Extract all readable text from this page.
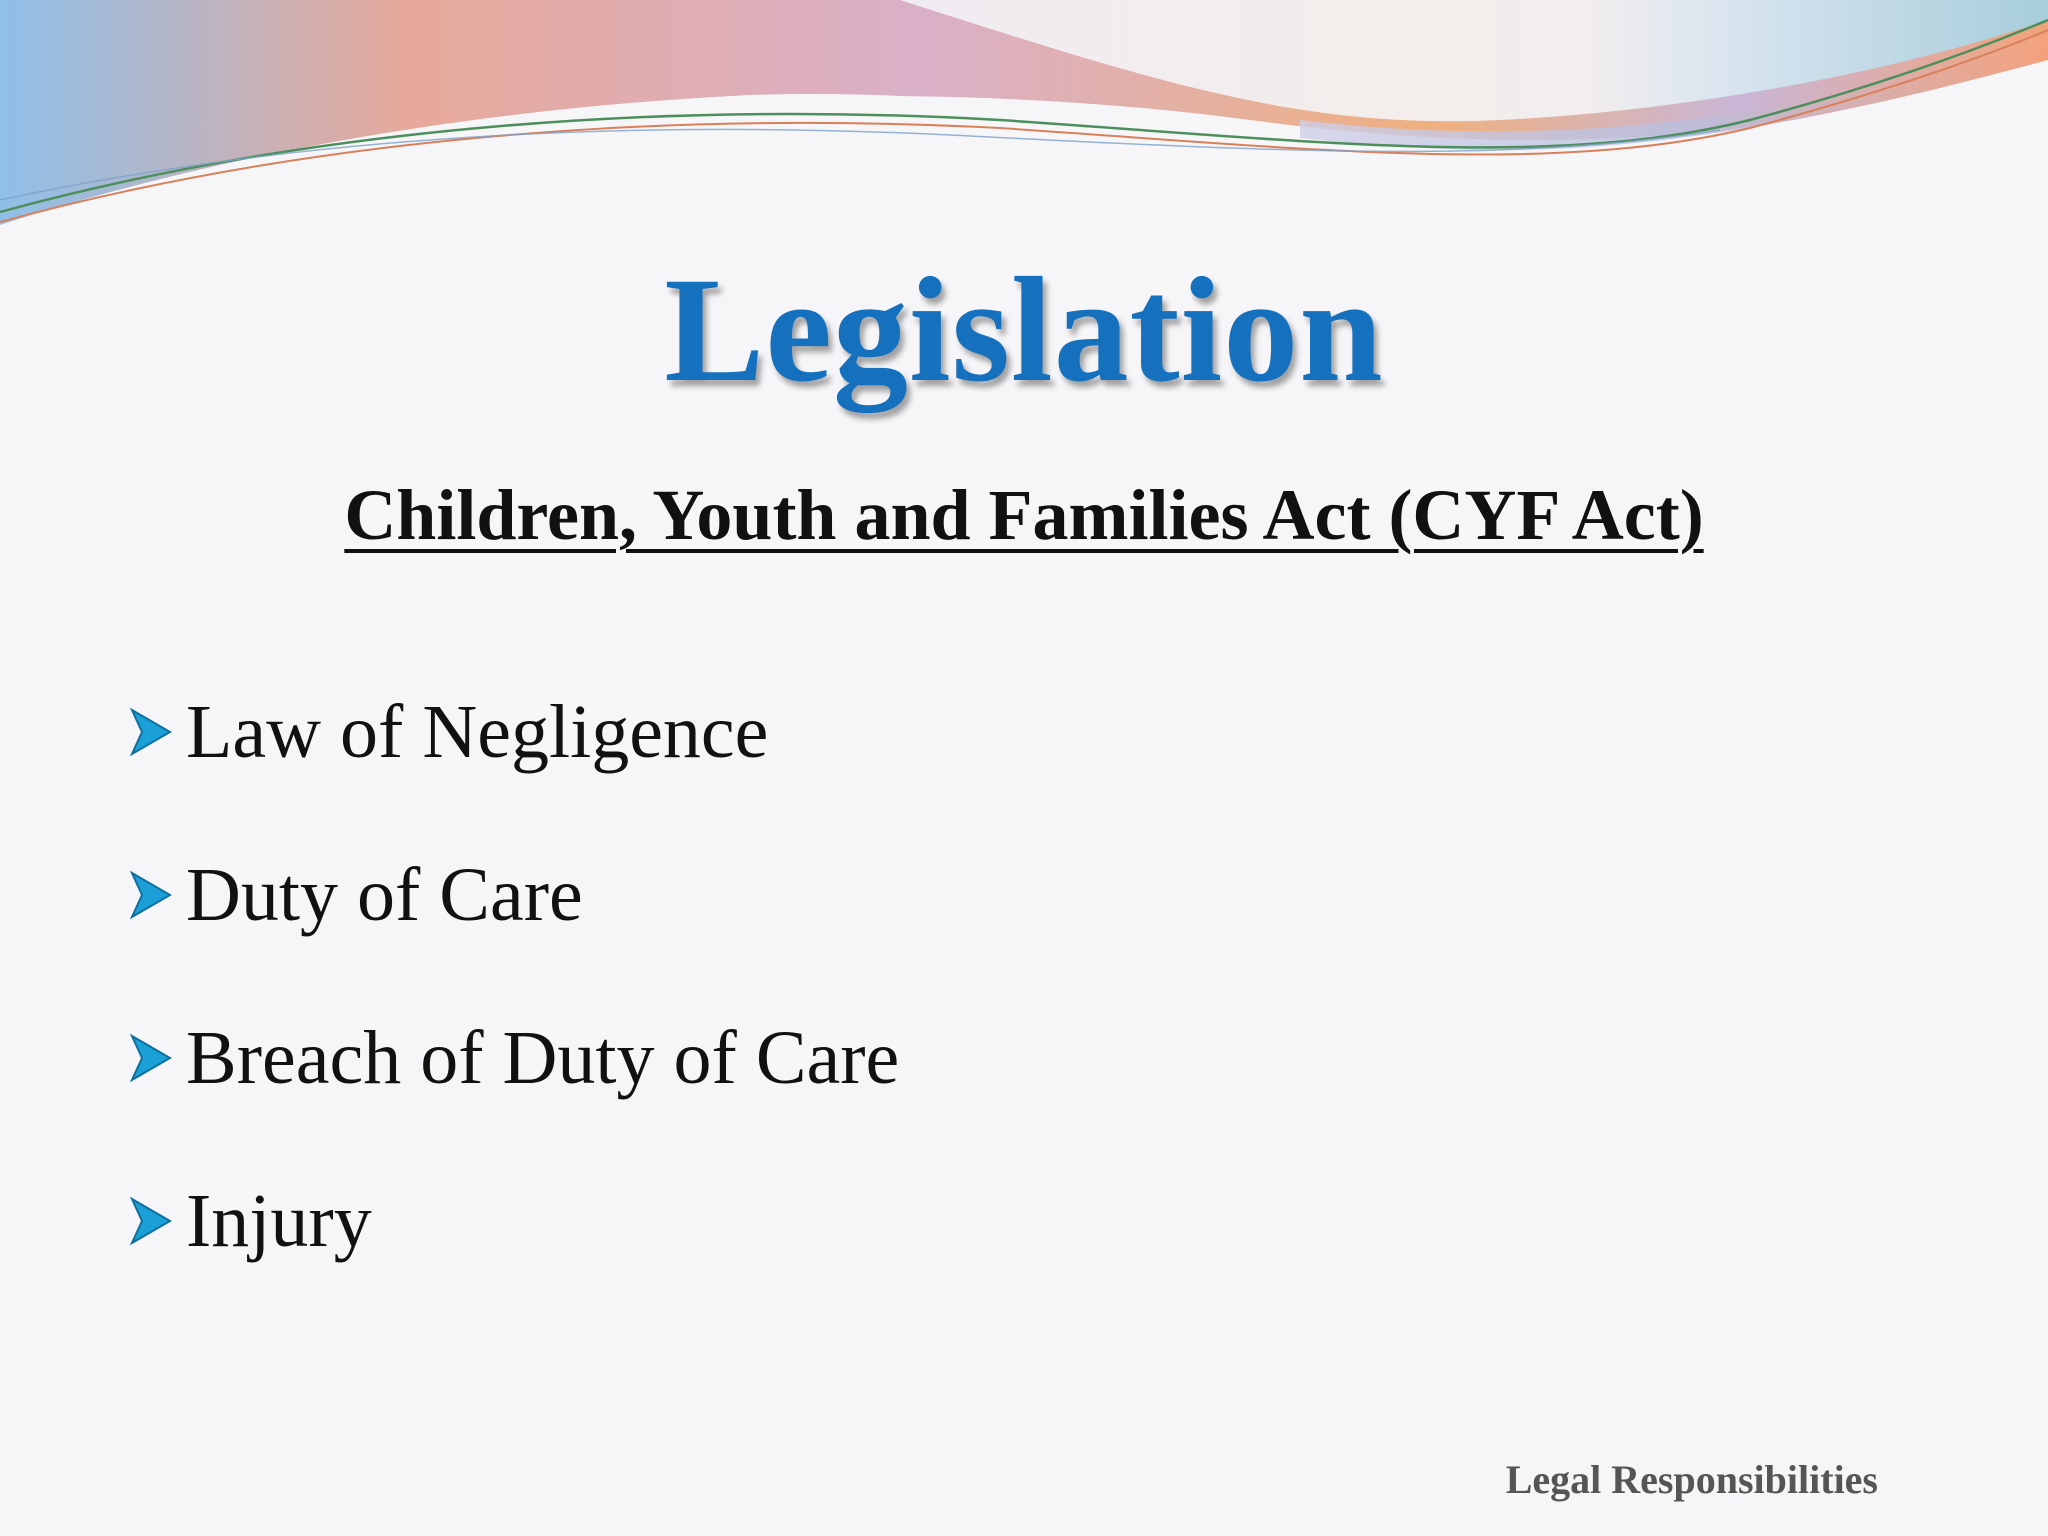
Legislation
Children, Youth and Families Act (CYF Act)
Law of Negligence
Duty of Care
Breach of Duty of Care
Injury
Legal Responsibilities
